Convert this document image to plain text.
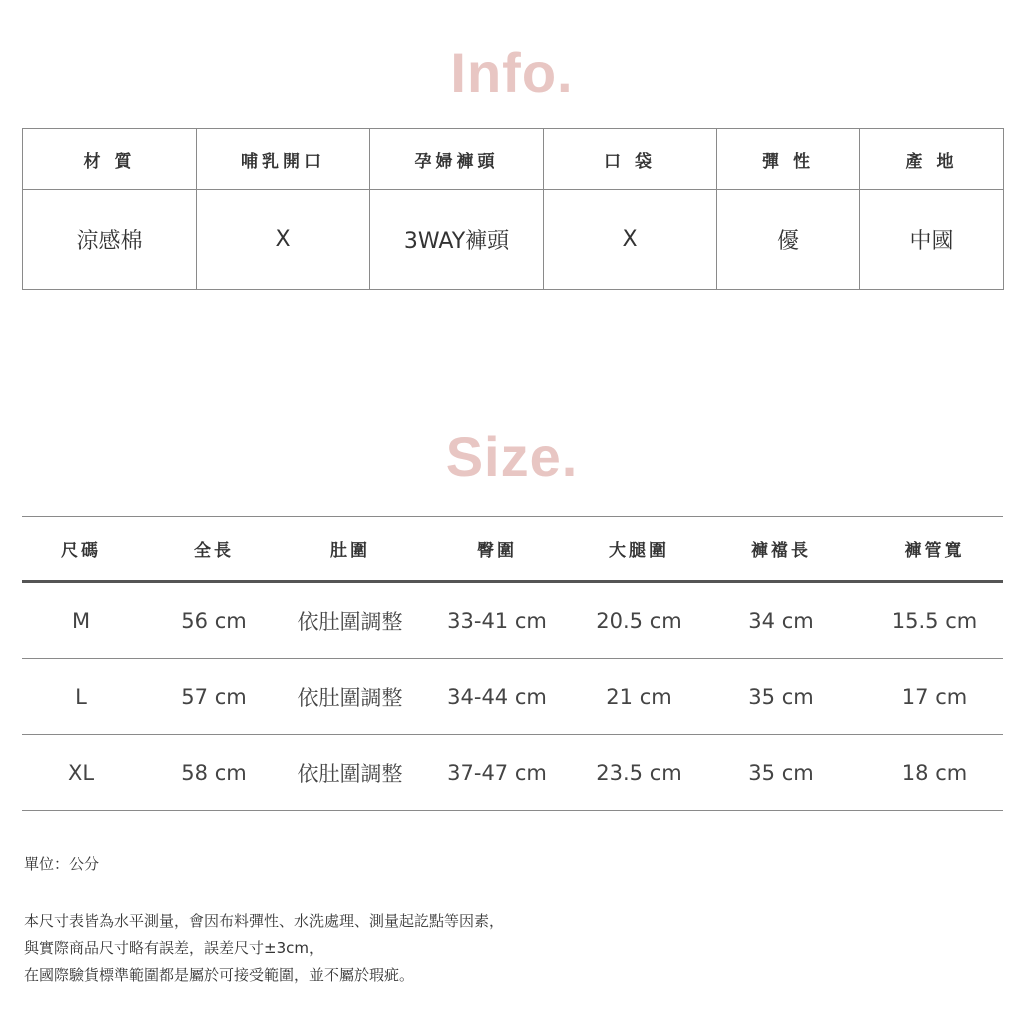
Info.
材 質	哺乳開口	孕婦褲頭	口 袋	彈 性	產 地
涼感棉	X	3WAY褲頭	X	優	中國
Size.
尺碼	全長	肚圍	臀圍	大腿圍	褲襠長	褲管寬
M	56 cm	依肚圍調整	33-41 cm	20.5 cm	34 cm	15.5 cm
L	57 cm	依肚圍調整	34-44 cm	21 cm	35 cm	17 cm
XL	58 cm	依肚圍調整	37-47 cm	23.5 cm	35 cm	18 cm
單位：公分
本尺寸表皆為水平測量，會因布料彈性、水洗處理、測量起訖點等因素，
與實際商品尺寸略有誤差，誤差尺寸±3cm，
在國際驗貨標準範圍都是屬於可接受範圍，並不屬於瑕疵。
